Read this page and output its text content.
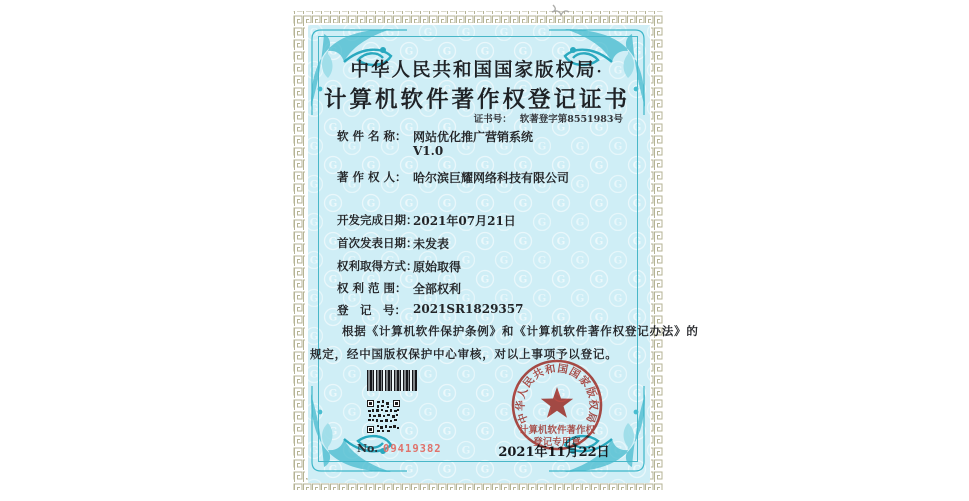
中华人民共和国国家版权局
计算机软件著作权
登记专用章
中华人民共和国国家版权局·
计算机软件著作权登记证书
证书号： 软著登字第8551983号
软 件 名 称： 网站优化推广营销系统
V1.0
著 作 权 人： 哈尔滨巨耀网络科技有限公司
开发完成日期：
2021年07月21日
首次发表日期：
未发表
权利取得方式：
原始取得
权 利 范 围： 全部权利
登　记　号： 2021SR1829357
根据《计算机软件保护条例》和《计算机软件著作权登记办法》的
规定，经中国版权保护中心审核，对以上事项予以登记。
No. 09419382	2021年11月22日
